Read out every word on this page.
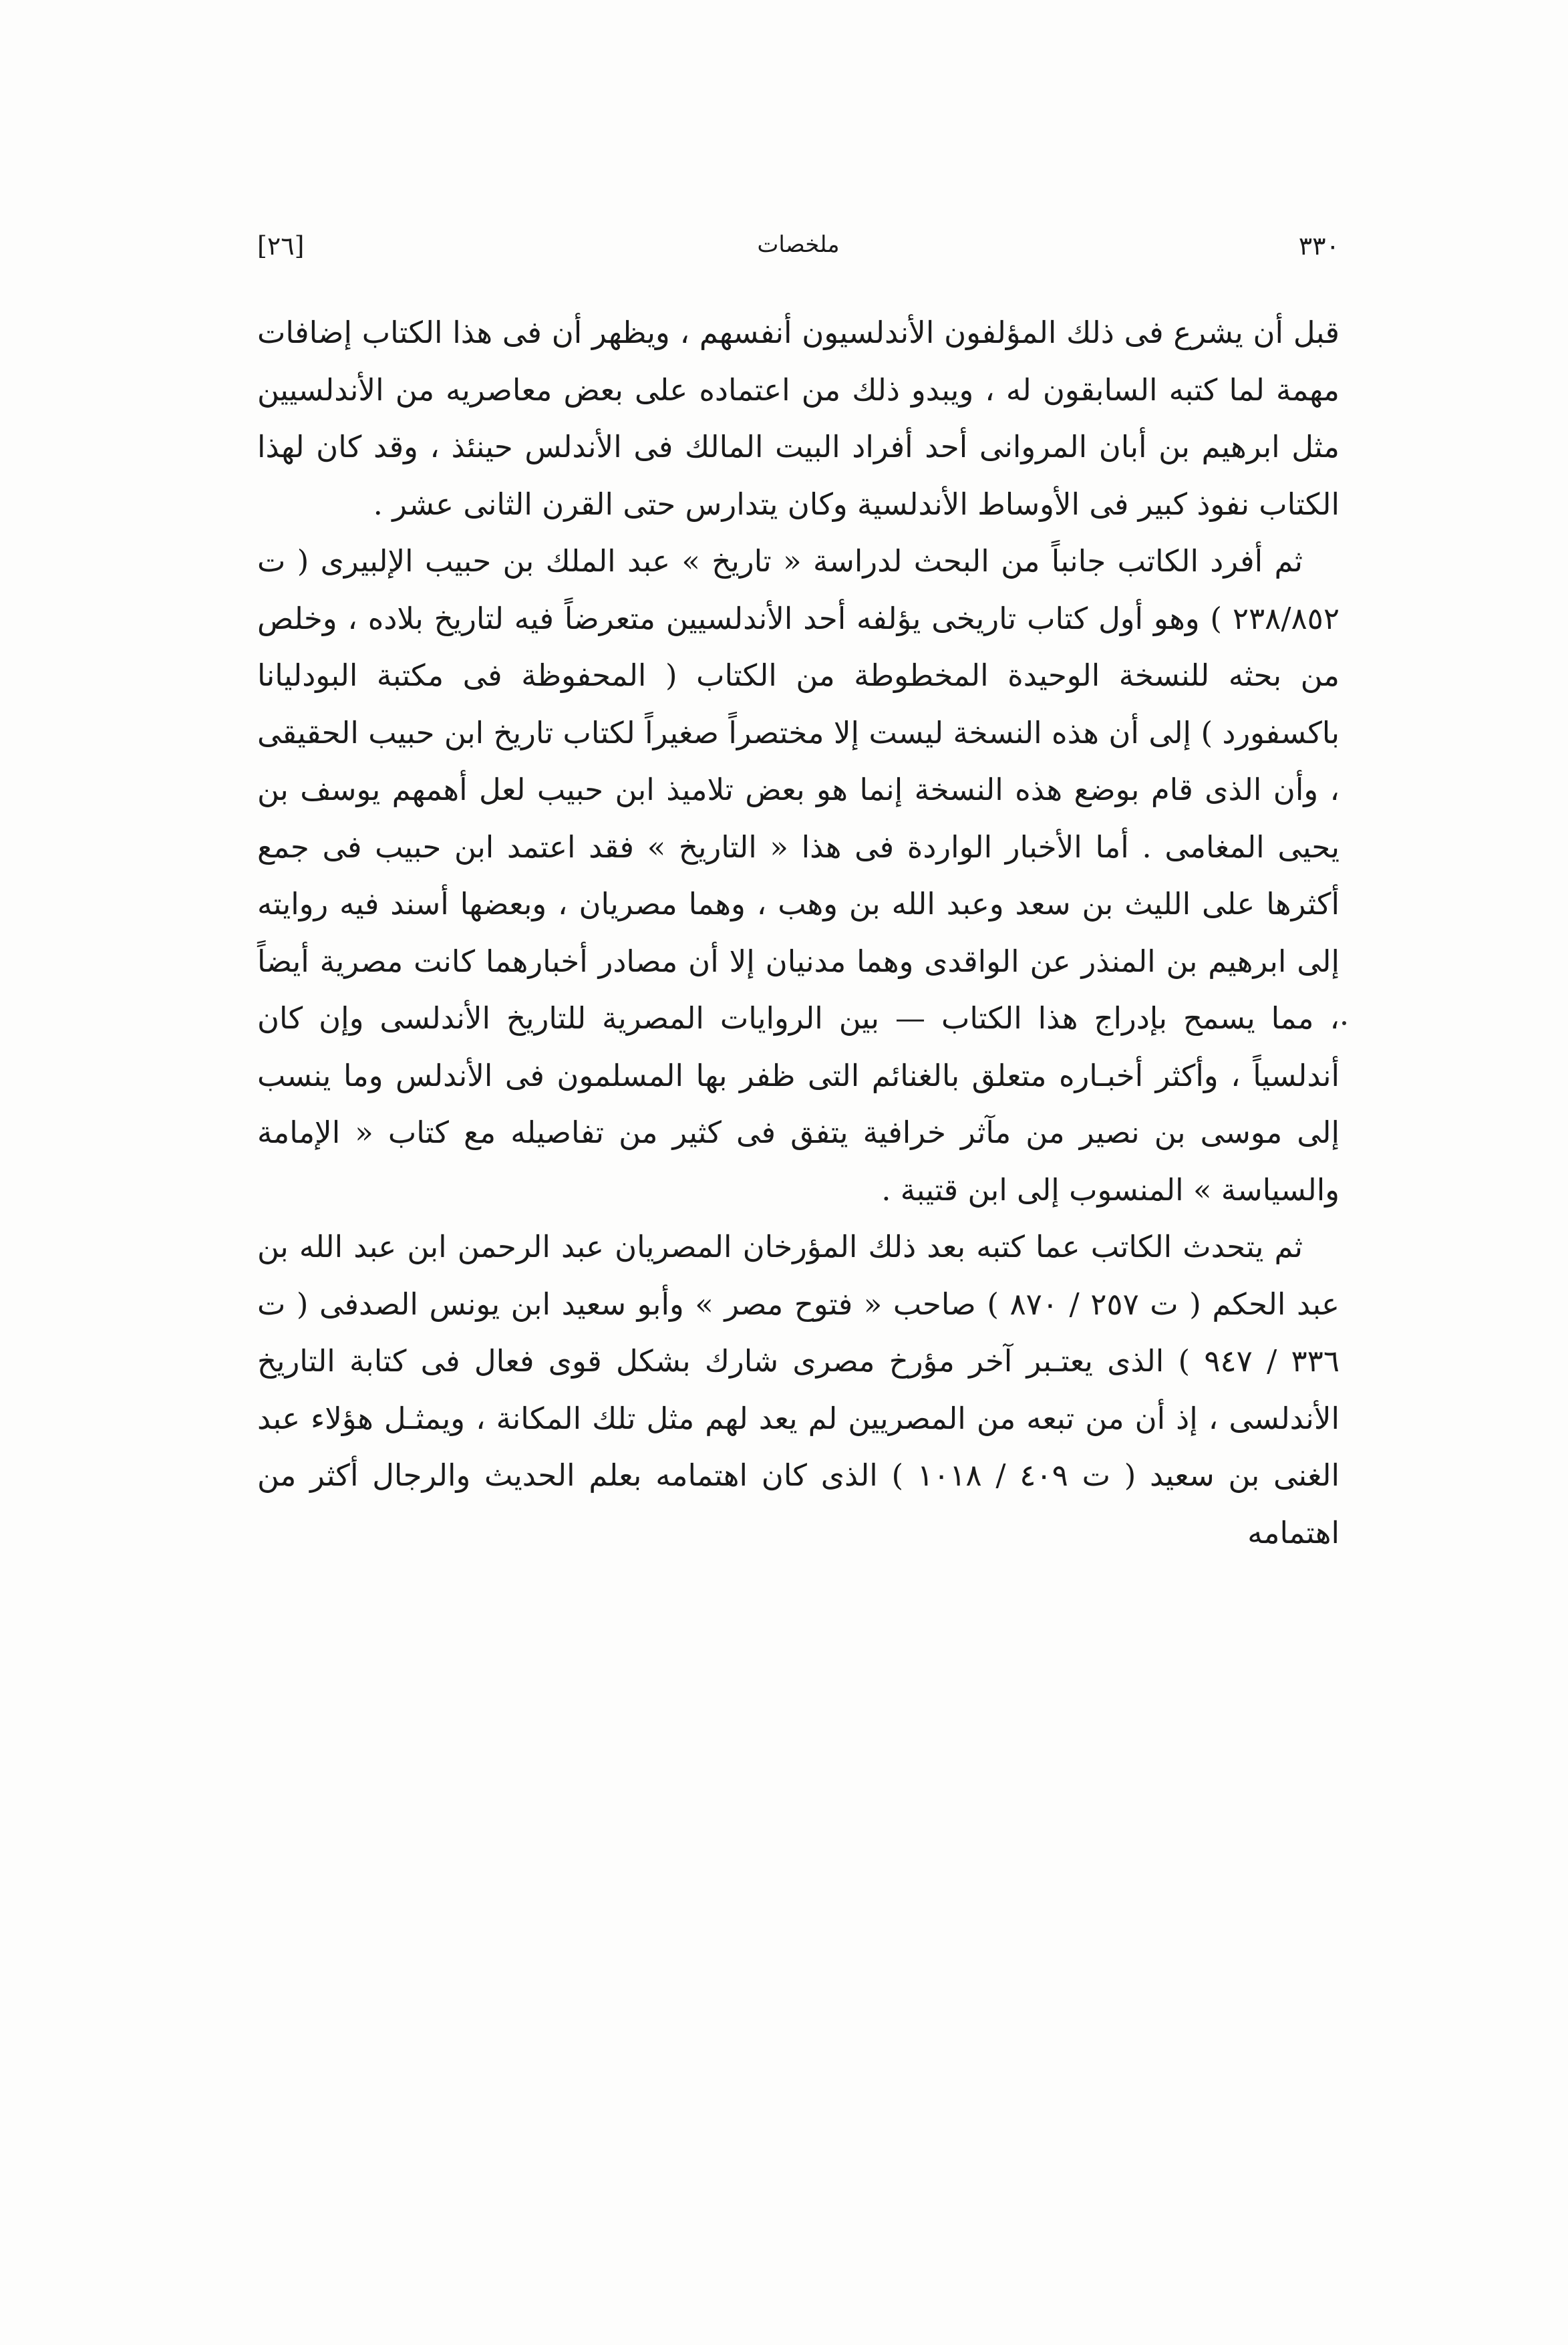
٣٣٠
ملخصات
[٢٦]

قبل أن يشرع فى ذلك المؤلفون الأندلسيون أنفسهم ، ويظهر أن فى هذا الكتاب إضافات مهمة لما كتبه السابقون له ، ويبدو ذلك من اعتماده على بعض معاصريه من الأندلسيين مثل ابرهيم بن أبان المروانى أحد أفراد البيت المالك فى الأندلس حينئذ ، وقد كان لهذا الكتاب نفوذ كبير فى الأوساط الأندلسية وكان يتدارس حتى القرن الثانى عشر .

ثم أفرد الكاتب جانباً من البحث لدراسة « تاريخ » عبد الملك بن حبيب الإلبيرى ( ت ٢٣٨/٨٥٢ ) وهو أول كتاب تاريخى يؤلفه أحد الأندلسيين متعرضاً فيه لتاريخ بلاده ، وخلص من بحثه للنسخة الوحيدة المخطوطة من الكتاب ( المحفوظة فى مكتبة البودليانا باكسفورد ) إلى أن هذه النسخة ليست إلا مختصراً صغيراً لكتاب تاريخ ابن حبيب الحقيقى ، وأن الذى قام بوضع هذه النسخة إنما هو بعض تلاميذ ابن حبيب لعل أهمهم يوسف بن يحيى المغامى . أما الأخبار الواردة فى هذا « التاريخ » فقد اعتمد ابن حبيب فى جمع أكثرها على الليث بن سعد وعبد الله بن وهب ، وهما مصريان ، وبعضها أسند فيه روايته إلى ابرهيم بن المنذر عن الواقدى وهما مدنيان إلا أن مصادر أخبارهما كانت مصرية أيضاً ، مما يسمح بإدراج هذا الكتاب — بين الروايات المصرية للتاريخ الأندلسى وإن كان أندلسياً ، وأكثر أخبـاره متعلق بالغنائم التى ظفر بها المسلمون فى الأندلس وما ينسب إلى موسى بن نصير من مآثر خرافية يتفق فى كثير من تفاصيله مع كتاب « الإمامة والسياسة » المنسوب إلى ابن قتيبة .

ثم يتحدث الكاتب عما كتبه بعد ذلك المؤرخان المصريان عبد الرحمن ابن عبد الله بن عبد الحكم ( ت ٢٥٧ / ٨٧٠ ) صاحب « فتوح مصر » وأبو سعيد ابن يونس الصدفى ( ت ٣٣٦ / ٩٤٧ ) الذى يعتـبر آخر مؤرخ مصرى شارك بشكل قوى فعال فى كتابة التاريخ الأندلسى ، إذ أن من تبعه من المصريين لم يعد لهم مثل تلك المكانة ، ويمثـل هؤلاء عبد الغنى بن سعيد ( ت ٤٠٩ / ١٠١٨ ) الذى كان اهتمامه بعلم الحديث والرجال أكثر من اهتمامه
